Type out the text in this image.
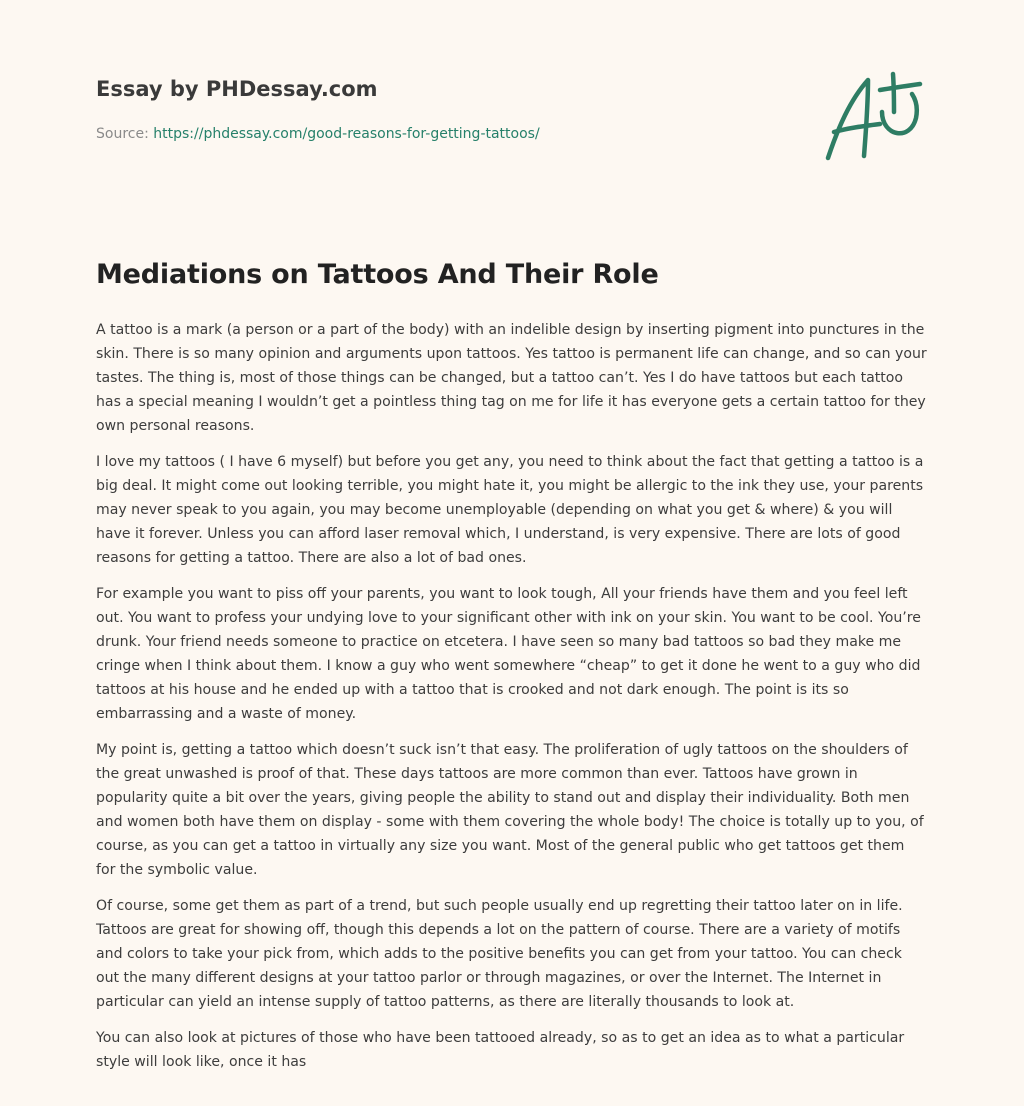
Essay by PHDessay.com
Source: https://phdessay.com/good-reasons-for-getting-tattoos/
Mediations on Tattoos And Their Role

A tattoo is a mark (a person or a part of the body) with an indelible design by inserting pigment into punctures in the skin. There is so many opinion and arguments upon tattoos. Yes tattoo is permanent life can change, and so can your tastes. The thing is, most of those things can be changed, but a tattoo can’t. Yes I do have tattoos but each tattoo has a special meaning I wouldn’t get a pointless thing tag on me for life it has everyone gets a certain tattoo for they own personal reasons.

I love my tattoos ( I have 6 myself) but before you get any, you need to think about the fact that getting a tattoo is a big deal. It might come out looking terrible, you might hate it, you might be allergic to the ink they use, your parents may never speak to you again, you may become unemployable (depending on what you get & where) & you will have it forever. Unless you can afford laser removal which, I understand, is very expensive. There are lots of good reasons for getting a tattoo. There are also a lot of bad ones.

For example you want to piss off your parents, you want to look tough, All your friends have them and you feel left out. You want to profess your undying love to your significant other with ink on your skin. You want to be cool. You’re drunk. Your friend needs someone to practice on etcetera. I have seen so many bad tattoos so bad they make me cringe when I think about them. I know a guy who went somewhere “cheap” to get it done he went to a guy who did tattoos at his house and he ended up with a tattoo that is crooked and not dark enough. The point is its so embarrassing and a waste of money.

My point is, getting a tattoo which doesn’t suck isn’t that easy. The proliferation of ugly tattoos on the shoulders of the great unwashed is proof of that. These days tattoos are more common than ever. Tattoos have grown in popularity quite a bit over the years, giving people the ability to stand out and display their individuality. Both men and women both have them on display - some with them covering the whole body! The choice is totally up to you, of course, as you can get a tattoo in virtually any size you want. Most of the general public who get tattoos get them for the symbolic value.

Of course, some get them as part of a trend, but such people usually end up regretting their tattoo later on in life. Tattoos are great for showing off, though this depends a lot on the pattern of course. There are a variety of motifs and colors to take your pick from, which adds to the positive benefits you can get from your tattoo. You can check out the many different designs at your tattoo parlor or through magazines, or over the Internet. The Internet in particular can yield an intense supply of tattoo patterns, as there are literally thousands to look at.

You can also look at pictures of those who have been tattooed already, so as to get an idea as to what a particular style will look like, once it has
